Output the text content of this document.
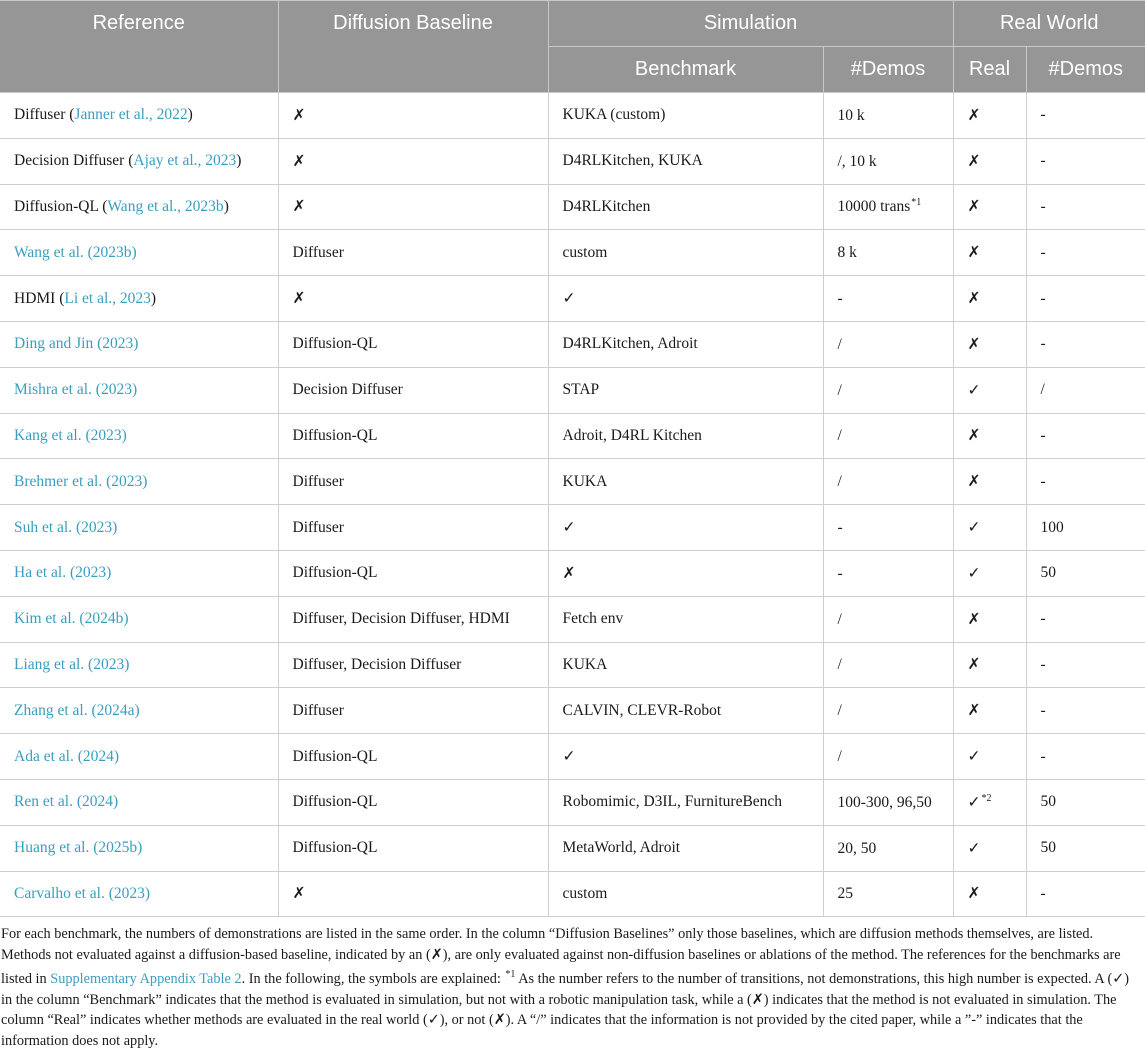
Reference	Diffusion Baseline	Simulation		Real World	
		Benchmark	#Demos	Real	#Demos
Diffuser (Janner et al., 2022)	✗	KUKA (custom)	10 k	✗	-
Decision Diffuser (Ajay et al., 2023)	✗	D4RLKitchen, KUKA	/, 10 k	✗	-
Diffusion-QL (Wang et al., 2023b)	✗	D4RLKitchen	10000 trans$^{*1}$	✗	-
Wang et al. (2023b)	Diffuser	custom	8 k	✗	-
HDMI (Li et al., 2023)	✗	✓	-	✗	-
Ding and Jin (2023)	Diffusion-QL	D4RLKitchen, Adroit	/	✗	-
Mishra et al. (2023)	Decision Diffuser	STAP	/	✓	/
Kang et al. (2023)	Diffusion-QL	Adroit, D4RL Kitchen	/	✗	-
Brehmer et al. (2023)	Diffuser	KUKA	/	✗	-
Suh et al. (2023)	Diffuser	✓	-	✓	100
Ha et al. (2023)	Diffusion-QL	✗	-	✓	50
Kim et al. (2024b)	Diffuser, Decision Diffuser, HDMI	Fetch env	/	✗	-
Liang et al. (2023)	Diffuser, Decision Diffuser	KUKA	/	✗	-
Zhang et al. (2024a)	Diffuser	CALVIN, CLEVR-Robot	/	✗	-
Ada et al. (2024)	Diffusion-QL	✓	/	✓	-
Ren et al. (2024)	Diffusion-QL	Robomimic, D3IL, FurnitureBench	100-300, 96,50	✓$^{*2}$	50
Huang et al. (2025b)	Diffusion-QL	MetaWorld, Adroit	20, 50	✓	50
Carvalho et al. (2023)	✗	custom	25	✗	-
For each benchmark, the numbers of demonstrations are listed in the same order. In the column “Diffusion Baselines” only those baselines, which are diffusion methods themselves, are listed. Methods not evaluated against a diffusion-based baseline, indicated by an (✗), are only evaluated against non-diffusion baselines or ablations of the method. The references for the benchmarks are listed in Supplementary Appendix Table 2. In the following, the symbols are explained: $^{*1}$ As the number refers to the number of transitions, not demonstrations, this high number is expected. A (✓) in the column “Benchmark” indicates that the method is evaluated in simulation, but not with a robotic manipulation task, while a (✗) indicates that the method is not evaluated in simulation. The column “Real” indicates whether methods are evaluated in the real world (✓), or not (✗). A “/” indicates that the information is not provided by the cited paper, while a ”-” indicates that the information does not apply.
